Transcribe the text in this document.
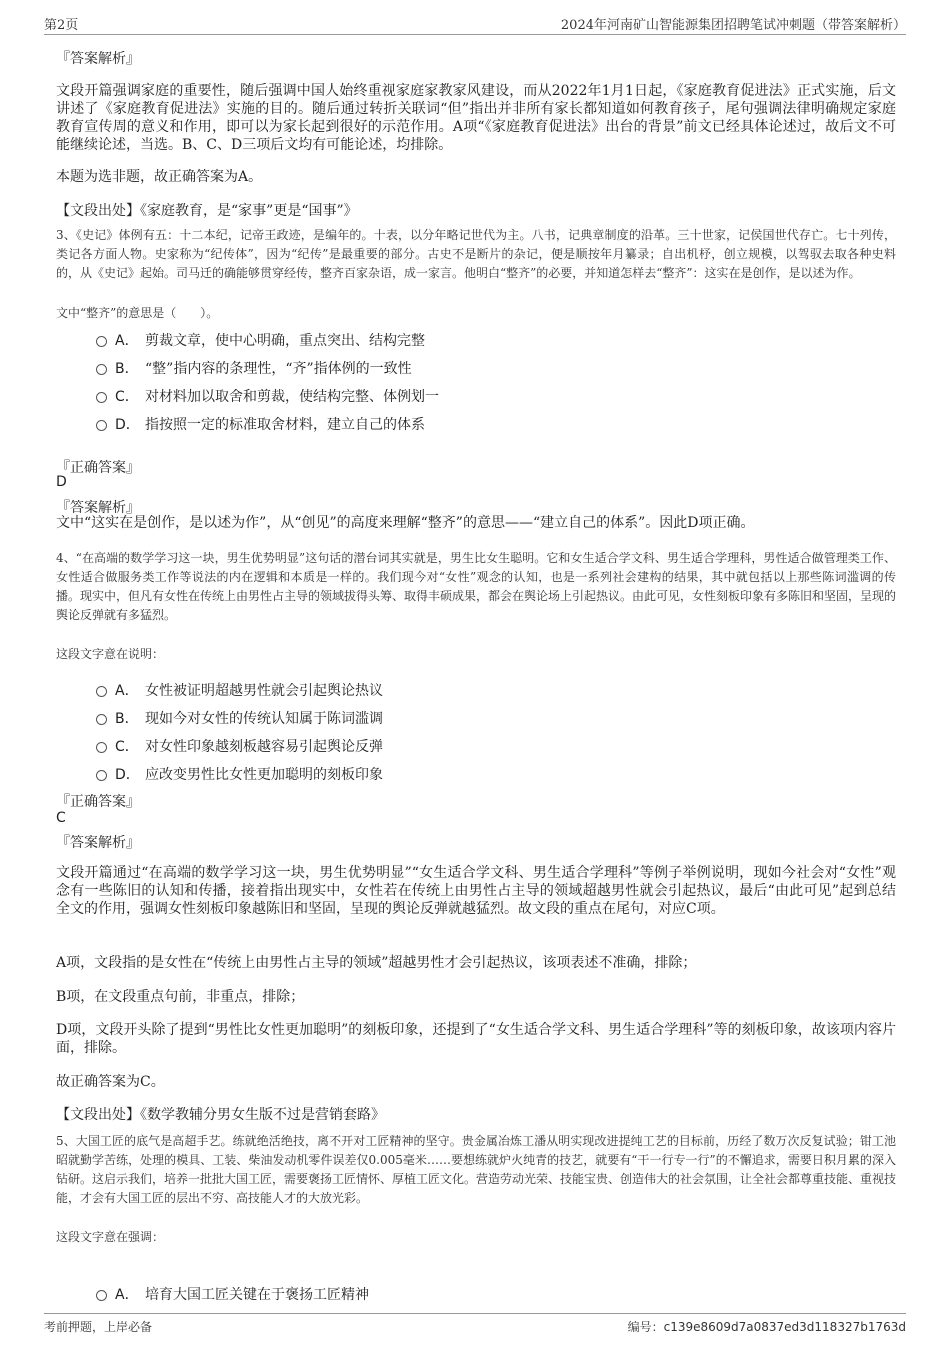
第2页	2024年河南矿山智能源集团招聘笔试冲刺题（带答案解析）
『答案解析』
文段开篇强调家庭的重要性，随后强调中国人始终重视家庭家教家风建设，而从2022年1月1日起，《家庭教育促进法》正式实施，后文讲述了《家庭教育促进法》实施的目的。随后通过转折关联词“但”指出并非所有家长都知道如何教育孩子，尾句强调法律明确规定家庭教育宣传周的意义和作用，即可以为家长起到很好的示范作用。A项“《家庭教育促进法》出台的背景”前文已经具体论述过，故后文不可能继续论述，当选。B、C、D三项后文均有可能论述，均排除。
本题为选非题，故正确答案为A。
【文段出处】《家庭教育，是“家事”更是“国事”》
3、《史记》体例有五：十二本纪，记帝王政迹，是编年的。十表，以分年略记世代为主。八书，记典章制度的沿革。三十世家，记侯国世代存亡。七十列传，类记各方面人物。史家称为“纪传体”，因为“纪传”是最重要的部分。古史不是断片的杂记，便是顺按年月纂录；自出机杼，创立规模，以驾驭去取各种史料的，从《史记》起始。司马迁的确能够贯穿经传，整齐百家杂语，成一家言。他明白“整齐”的必要，并知道怎样去“整齐”：这实在是创作，是以述为作。
文中“整齐”的意思是（　　）。
A． 剪裁文章，使中心明确，重点突出、结构完整
B． “整”指内容的条理性，“齐”指体例的一致性
C． 对材料加以取舍和剪裁，使结构完整、体例划一
D． 指按照一定的标准取舍材料，建立自己的体系
『正确答案』
D
『答案解析』
文中“这实在是创作，是以述为作”，从“创见”的高度来理解“整齐”的意思——“建立自己的体系”。因此D项正确。
4、“在高端的数学学习这一块，男生优势明显”这句话的潜台词其实就是，男生比女生聪明。它和女生适合学文科、男生适合学理科，男性适合做管理类工作、女性适合做服务类工作等说法的内在逻辑和本质是一样的。我们现今对“女性”观念的认知，也是一系列社会建构的结果，其中就包括以上那些陈词滥调的传播。现实中，但凡有女性在传统上由男性占主导的领域拔得头筹、取得丰硕成果，都会在舆论场上引起热议。由此可见，女性刻板印象有多陈旧和坚固，呈现的舆论反弹就有多猛烈。
这段文字意在说明：
A． 女性被证明超越男性就会引起舆论热议
B． 现如今对女性的传统认知属于陈词滥调
C． 对女性印象越刻板越容易引起舆论反弹
D． 应改变男性比女性更加聪明的刻板印象
『正确答案』
C
『答案解析』
文段开篇通过“在高端的数学学习这一块，男生优势明显”“女生适合学文科、男生适合学理科”等例子举例说明，现如今社会对“女性”观念有一些陈旧的认知和传播，接着指出现实中，女性若在传统上由男性占主导的领域超越男性就会引起热议，最后“由此可见”起到总结全文的作用，强调女性刻板印象越陈旧和坚固，呈现的舆论反弹就越猛烈。故文段的重点在尾句，对应C项。
A项，文段指的是女性在“传统上由男性占主导的领域”超越男性才会引起热议，该项表述不准确，排除；
B项，在文段重点句前，非重点，排除；
D项，文段开头除了提到“男性比女性更加聪明”的刻板印象，还提到了“女生适合学文科、男生适合学理科”等的刻板印象，故该项内容片面，排除。
故正确答案为C。
【文段出处】《数学教辅分男女生版不过是营销套路》
5、大国工匠的底气是高超手艺。练就绝活绝技，离不开对工匠精神的坚守。贵金属冶炼工潘从明实现改进提纯工艺的目标前，历经了数万次反复试验；钳工池昭就勤学苦练，处理的模具、工装、柴油发动机零件误差仅0.005毫米……要想练就炉火纯青的技艺，就要有“干一行专一行”的不懈追求，需要日积月累的深入钻研。这启示我们，培养一批批大国工匠，需要褒扬工匠情怀、厚植工匠文化。营造劳动光荣、技能宝贵、创造伟大的社会氛围，让全社会都尊重技能、重视技能，才会有大国工匠的层出不穷、高技能人才的大放光彩。
这段文字意在强调：
A． 培育大国工匠关键在于褒扬工匠精神
考前押题，上岸必备	编号：c139e8609d7a0837ed3d118327b1763d
